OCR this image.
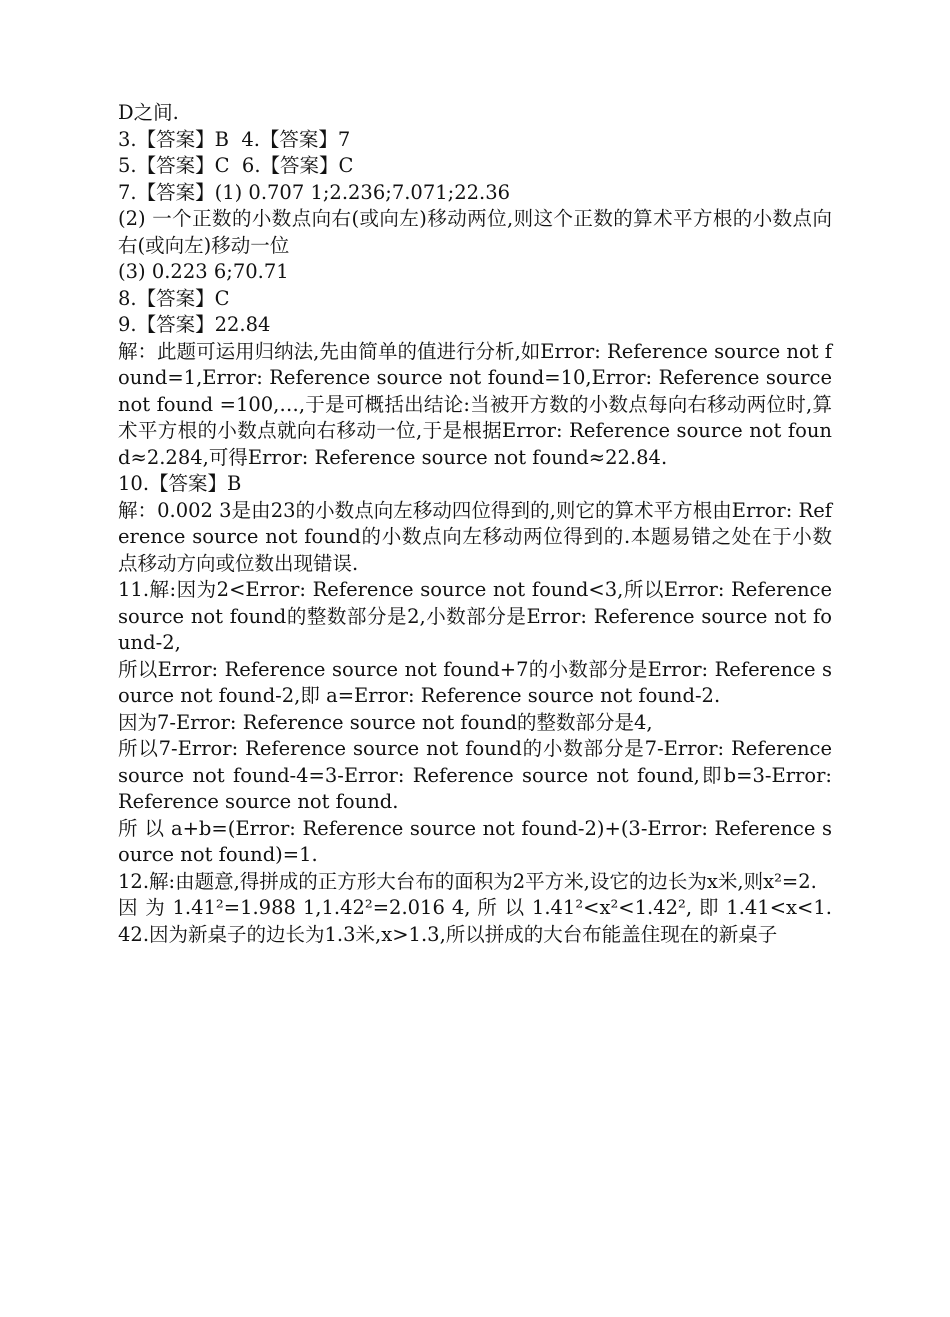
D之间.
3.【答案】B  4.【答案】7
5.【答案】C  6.【答案】C
7.【答案】(1) 0.707 1;2.236;7.071;22.36
(2) 一个正数的小数点向右(或向左)移动两位,则这个正数的算术平方根的小数点向右(或向左)移动一位
(3) 0.223 6;70.71
8.【答案】C
9.【答案】22.84
解：此题可运用归纳法,先由简单的值进行分析,如Error: Reference source not found=1,Error: Reference source not found=10,Error: Reference source not found =100,…,于是可概括出结论:当被开方数的小数点每向右移动两位时,算术平方根的小数点就向右移动一位,于是根据Error: Reference source not found≈2.284,可得Error: Reference source not found≈22.84.
10.【答案】B
解：0.002 3是由23的小数点向左移动四位得到的,则它的算术平方根由Error: Reference source not found的小数点向左移动两位得到的.本题易错之处在于小数点移动方向或位数出现错误.
11.解:因为2<Error: Reference source not found<3,所以Error: Reference source not found的整数部分是2,小数部分是Error: Reference source not found-2,
所以Error: Reference source not found+7的小数部分是Error: Reference source not found-2,即 a=Error: Reference source not found-2.
因为7-Error: Reference source not found的整数部分是4,
所以7-Error: Reference source not found的小数部分是7-Error: Reference source not found-4=3-Error: Reference source not found,即b=3-Error: Reference source not found.
所 以 a+b=(Error: Reference source not found-2)+(3-Error: Reference source not found)=1.
12.解:由题意,得拼成的正方形大台布的面积为2平方米,设它的边长为x米,则x²=2.
因 为 1.41²=1.988 1,1.42²=2.016 4, 所 以 1.41²<x²<1.42², 即 1.41<x<1.42.因为新桌子的边长为1.3米,x>1.3,所以拼成的大台布能盖住现在的新桌子
